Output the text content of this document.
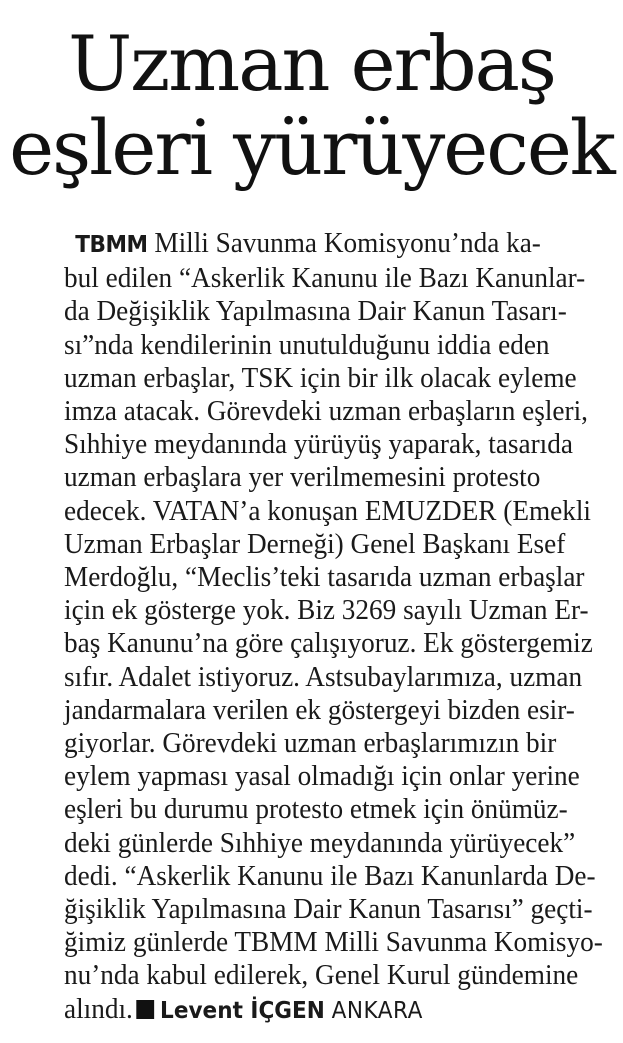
Uzman erbaş
eşleri yürüyecek
TBMM Milli Savunma Komisyonu’nda ka-
bul edilen “Askerlik Kanunu ile Bazı Kanunlar-
da Değişiklik Yapılmasına Dair Kanun Tasarı-
sı”nda kendilerinin unutulduğunu iddia eden
uzman erbaşlar, TSK için bir ilk olacak eyleme
imza atacak. Görevdeki uzman erbaşların eşleri,
Sıhhiye meydanında yürüyüş yaparak, tasarıda
uzman erbaşlara yer verilmemesini protesto
edecek. VATAN’a konuşan EMUZDER (Emekli
Uzman Erbaşlar Derneği) Genel Başkanı Esef
Merdoğlu, “Meclis’teki tasarıda uzman erbaşlar
için ek gösterge yok. Biz 3269 sayılı Uzman Er-
baş Kanunu’na göre çalışıyoruz. Ek göstergemiz
sıfır. Adalet istiyoruz. Astsubaylarımıza, uzman
jandarmalara verilen ek göstergeyi bizden esir-
giyorlar. Görevdeki uzman erbaşlarımızın bir
eylem yapması yasal olmadığı için onlar yerine
eşleri bu durumu protesto etmek için önümüz-
deki günlerde Sıhhiye meydanında yürüyecek”
dedi. “Askerlik Kanunu ile Bazı Kanunlarda De-
ğişiklik Yapılmasına Dair Kanun Tasarısı” geçti-
ğimiz günlerde TBMM Milli Savunma Komisyo-
nu’nda kabul edilerek, Genel Kurul gündemine
alındı. Levent İÇGEN ANKARA
